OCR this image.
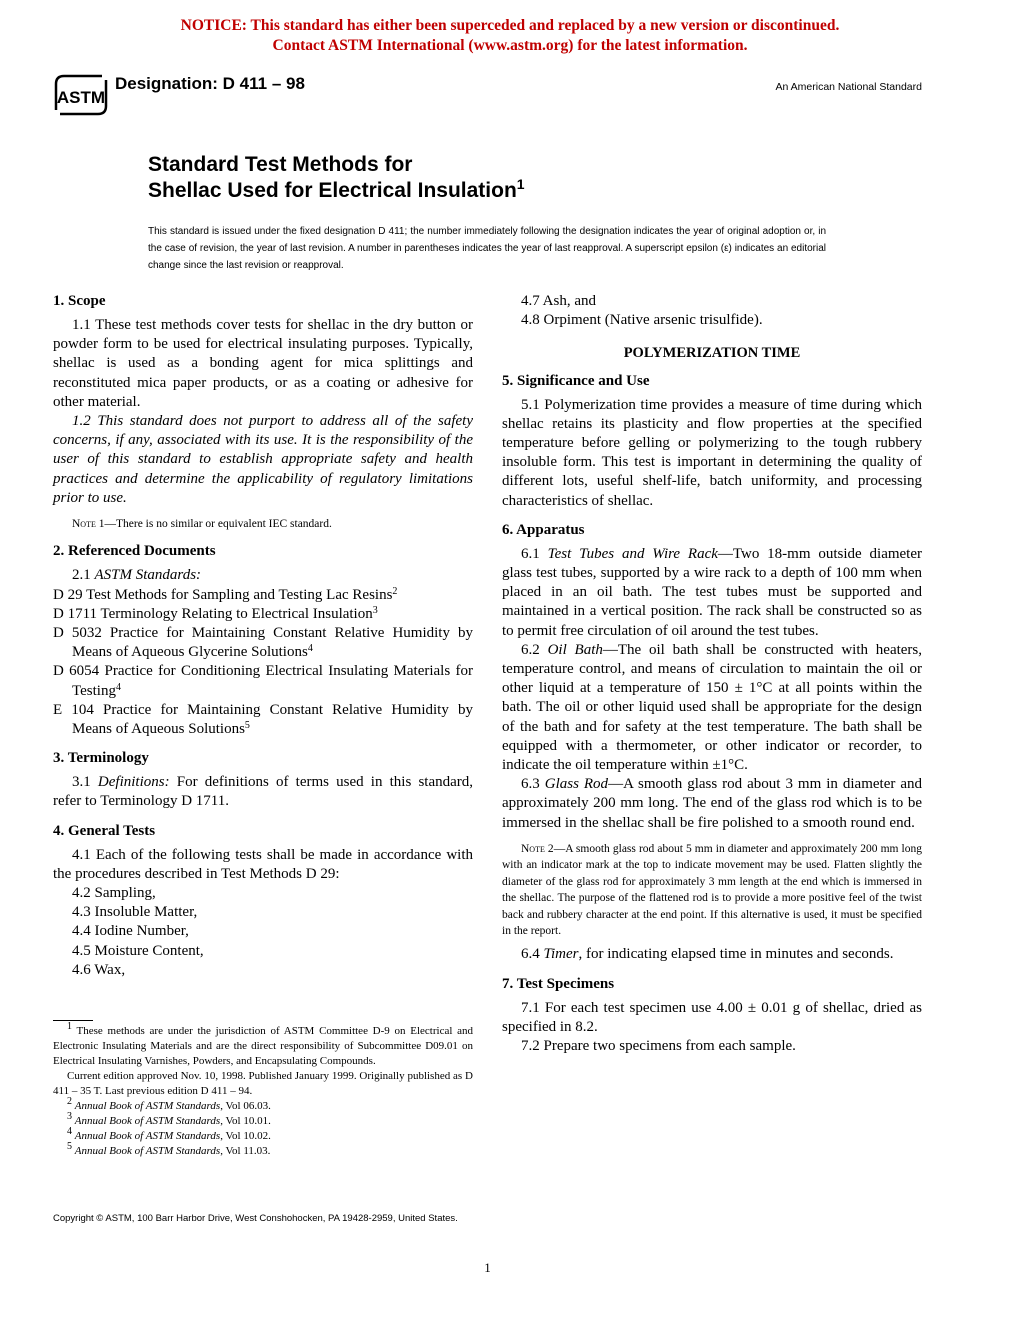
NOTICE: This standard has either been superceded and replaced by a new version or discontinued.
Contact ASTM International (www.astm.org) for the latest information.
ASTM
Designation: D 411 – 98	An American National Standard
Standard Test Methods for
Shellac Used for Electrical Insulation$^1$
This standard is issued under the fixed designation D 411; the number immediately following the designation indicates the year of original adoption or, in the case of revision, the year of last revision. A number in parentheses indicates the year of last reapproval. A superscript epsilon (ε) indicates an editorial change since the last revision or reapproval.
1. Scope

1.1 These test methods cover tests for shellac in the dry button or powder form to be used for electrical insulating purposes. Typically, shellac is used as a bonding agent for mica splittings and reconstituted mica paper products, or as a coating or adhesive for other material.

1.2 This standard does not purport to address all of the safety concerns, if any, associated with its use. It is the responsibility of the user of this standard to establish appropriate safety and health practices and determine the applicability of regulatory limitations prior to use.

Note 1—There is no similar or equivalent IEC standard.
2. Referenced Documents

2.1 ASTM Standards:

D 29 Test Methods for Sampling and Testing Lac Resins$^2$
D 1711 Terminology Relating to Electrical Insulation$^3$
D 5032 Practice for Maintaining Constant Relative Humidity by Means of Aqueous Glycerine Solutions$^4$
D 6054 Practice for Conditioning Electrical Insulating Materials for Testing$^4$
E 104 Practice for Maintaining Constant Relative Humidity by Means of Aqueous Solutions$^5$
3. Terminology

3.1 Definitions: For definitions of terms used in this standard, refer to Terminology D 1711.

4. General Tests

4.1 Each of the following tests shall be made in accordance with the procedures described in Test Methods D 29:

4.2 Sampling,

4.3 Insoluble Matter,

4.4 Iodine Number,

4.5 Moisture Content,

4.6 Wax,

$^1$ These methods are under the jurisdiction of ASTM Committee D-9 on Electrical and Electronic Insulating Materials and are the direct responsibility of Subcommittee D09.01 on Electrical Insulating Varnishes, Powders, and Encapsulating Compounds.

Current edition approved Nov. 10, 1998. Published January 1999. Originally published as D 411 – 35 T. Last previous edition D 411 – 94.

$^2$ Annual Book of ASTM Standards, Vol 06.03.

$^3$ Annual Book of ASTM Standards, Vol 10.01.

$^4$ Annual Book of ASTM Standards, Vol 10.02.

$^5$ Annual Book of ASTM Standards, Vol 11.03.

4.7 Ash, and

4.8 Orpiment (Native arsenic trisulfide).

POLYMERIZATION TIME
5. Significance and Use

5.1 Polymerization time provides a measure of time during which shellac retains its plasticity and flow properties at the specified temperature before gelling or polymerizing to the tough rubbery insoluble form. This test is important in determining the quality of different lots, useful shelf-life, batch uniformity, and processing characteristics of shellac.

6. Apparatus

6.1 Test Tubes and Wire Rack—Two 18-mm outside diameter glass test tubes, supported by a wire rack to a depth of 100 mm when placed in an oil bath. The test tubes must be supported and maintained in a vertical position. The rack shall be constructed so as to permit free circulation of oil around the test tubes.

6.2 Oil Bath—The oil bath shall be constructed with heaters, temperature control, and means of circulation to maintain the oil or other liquid at a temperature of 150 ± 1°C at all points within the bath. The oil or other liquid used shall be appropriate for the design of the bath and for safety at the test temperature. The bath shall be equipped with a thermometer, or other indicator or recorder, to indicate the oil temperature within ±1°C.

6.3 Glass Rod—A smooth glass rod about 3 mm in diameter and approximately 200 mm long. The end of the glass rod which is to be immersed in the shellac shall be fire polished to a smooth round end.

Note 2—A smooth glass rod about 5 mm in diameter and approximately 200 mm long with an indicator mark at the top to indicate movement may be used. Flatten slightly the diameter of the glass rod for approximately 3 mm length at the end which is immersed in the shellac. The purpose of the flattened rod is to provide a more positive feel of the twist back and rubbery character at the end point. If this alternative is used, it must be specified in the report.

6.4 Timer, for indicating elapsed time in minutes and seconds.

7. Test Specimens

7.1 For each test specimen use 4.00 ± 0.01 g of shellac, dried as specified in 8.2.

7.2 Prepare two specimens from each sample.

Copyright © ASTM, 100 Barr Harbor Drive, West Conshohocken, PA 19428-2959, United States.
1
